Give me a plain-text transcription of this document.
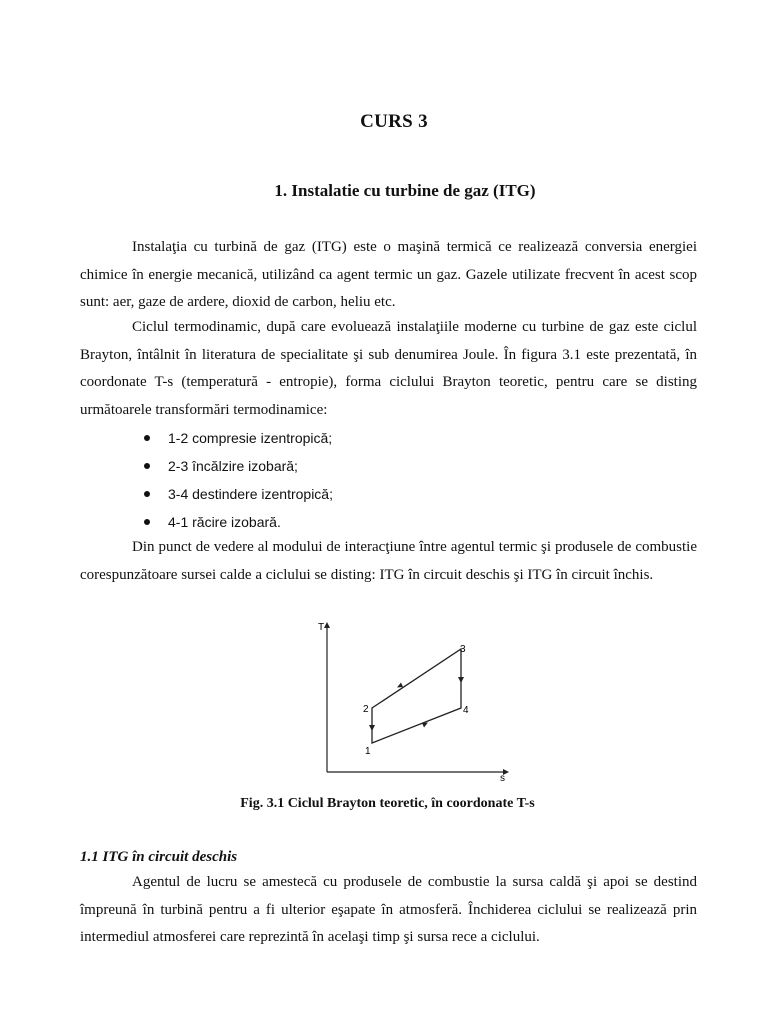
CURS 3
1. Instalatie cu turbine de gaz (ITG)

Instalaţia cu turbină de gaz (ITG) este o maşină termică ce realizează conversia energiei chimice în energie mecanică, utilizând ca agent termic un gaz. Gazele utilizate frecvent în acest scop sunt: aer, gaze de ardere, dioxid de carbon, heliu etc.

Ciclul termodinamic, după care evoluează instalaţiile moderne cu turbine de gaz este ciclul Brayton, întâlnit în literatura de specialitate şi sub denumirea Joule. În figura 3.1 este prezentată, în coordonate T-s (temperatură - entropie), forma ciclului Brayton teoretic, pentru care se disting următoarele transformări termodinamice:

1-2 compresie izentropică;
2-3 încălzire izobară;
3-4 destindere izentropică;
4-1 răcire izobară.

Din punct de vedere al modului de interacţiune între agentul termic şi produsele de combustie corespunzătoare sursei calde a ciclului se disting: ITG în circuit deschis şi ITG în circuit închis.

T
s
1
2
3
4
Fig. 3.1 Ciclul Brayton teoretic, în coordonate T-s
1.1 ITG în circuit deschis

Agentul de lucru se amestecă cu produsele de combustie la sursa caldă şi apoi se destind împreună în turbină pentru a fi ulterior eşapate în atmosferă. Închiderea ciclului se realizează prin intermediul atmosferei care reprezintă în acelaşi timp şi sursa rece a ciclului.
